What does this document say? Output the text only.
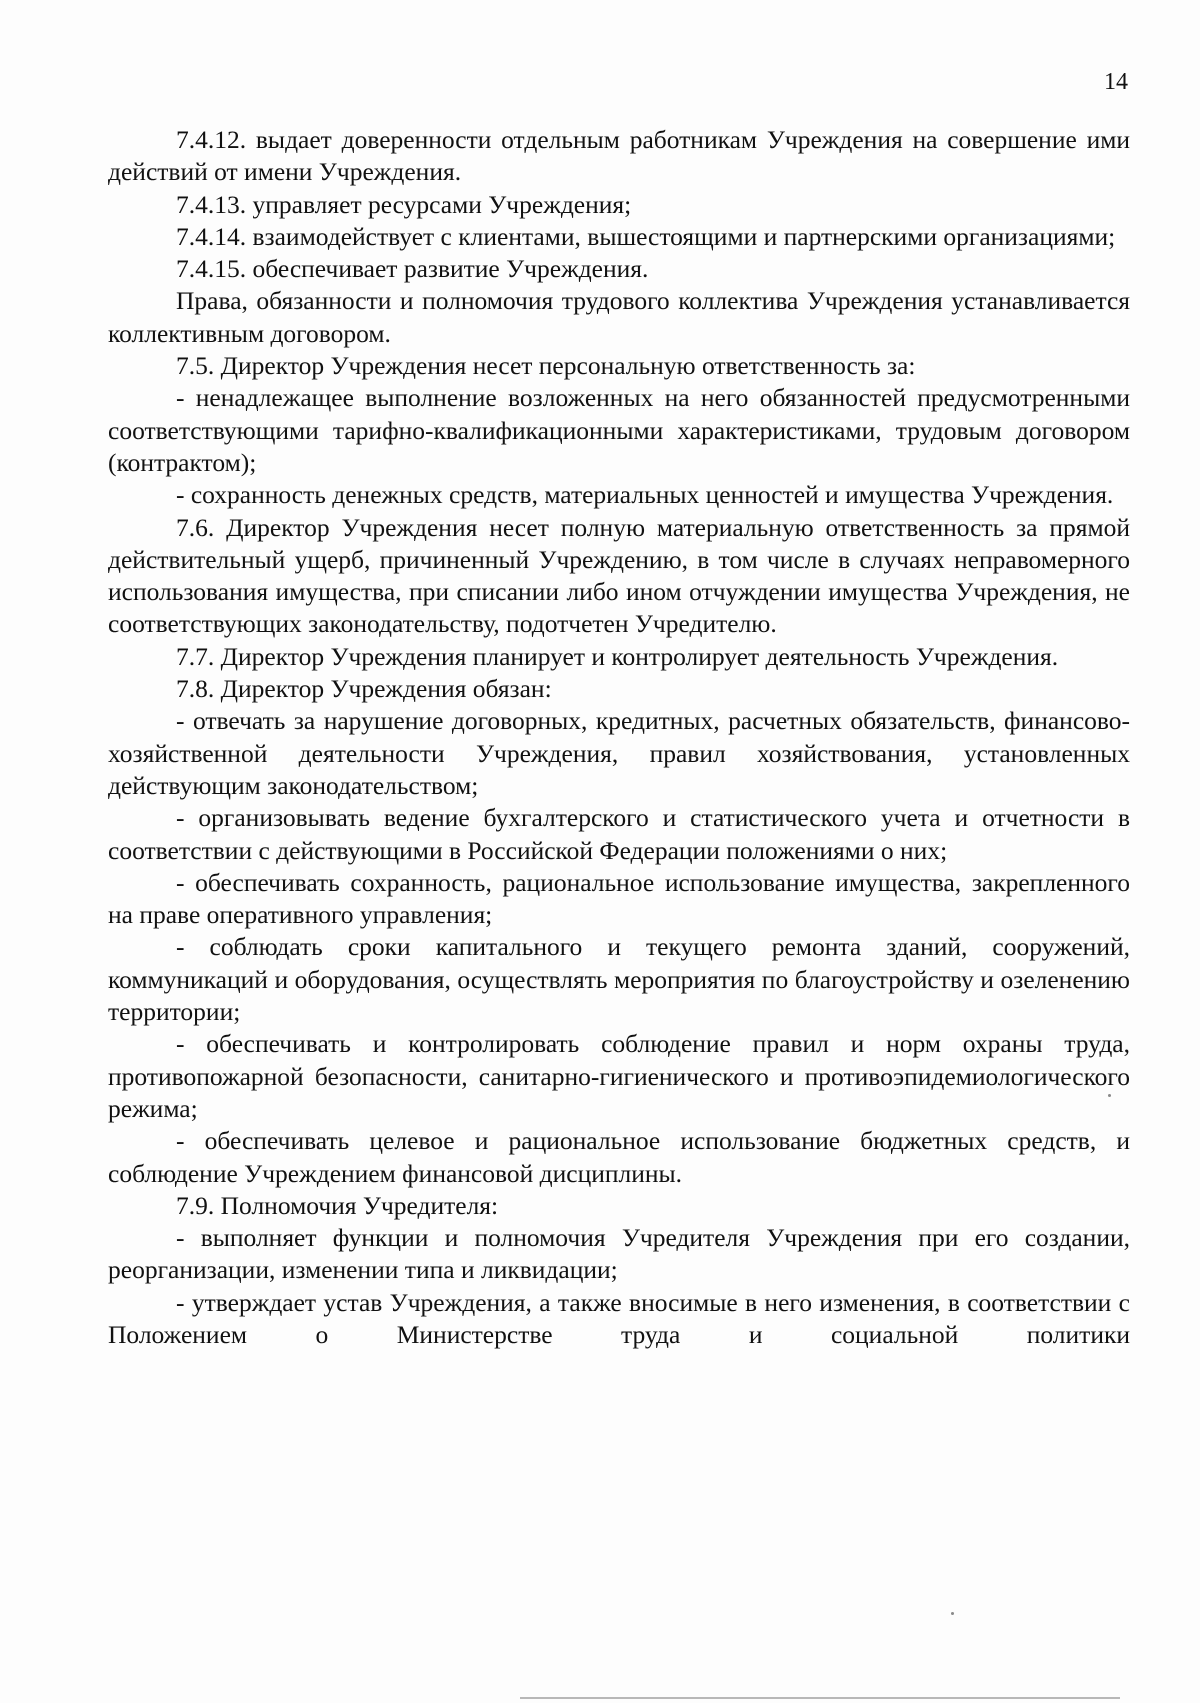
14

7.4.12. выдает доверенности отдельным работникам Учреждения на совершение ими действий от имени Учреждения.

7.4.13. управляет ресурсами Учреждения;

7.4.14. взаимодействует с клиентами, вышестоящими и партнерскими организациями;

7.4.15. обеспечивает развитие Учреждения.

Права, обязанности и полномочия трудового коллектива Учреждения устанавливается коллективным договором.

7.5. Директор Учреждения несет персональную ответственность за:

- ненадлежащее выполнение возложенных на него обязанностей предусмотренными соответствующими тарифно-квалификационными характеристиками, трудовым договором (контрактом);

- сохранность денежных средств, материальных ценностей и имущества Учреждения.

7.6. Директор Учреждения несет полную материальную ответственность за прямой действительный ущерб, причиненный Учреждению, в том числе в случаях неправомерного использования имущества, при списании либо ином отчуждении имущества Учреждения, не соответствующих законодательству, подотчетен Учредителю.

7.7. Директор Учреждения планирует и контролирует деятельность Учреждения.

7.8. Директор Учреждения обязан:

- отвечать за нарушение договорных, кредитных, расчетных обязательств, финансово-хозяйственной деятельности Учреждения, правил хозяйствования, установленных действующим законодательством;

- организовывать ведение бухгалтерского и статистического учета и отчетности в соответствии с действующими в Российской Федерации положениями о них;

- обеспечивать сохранность, рациональное использование имущества, закрепленного на праве оперативного управления;

- соблюдать сроки капитального и текущего ремонта зданий, сооружений, коммуникаций и оборудования, осуществлять мероприятия по благоустройству и озеленению территории;

- обеспечивать и контролировать соблюдение правил и норм охраны труда, противопожарной безопасности, санитарно-гигиенического и противоэпидемиологического режима;

- обеспечивать целевое и рациональное использование бюджетных средств, и соблюдение Учреждением финансовой дисциплины.

7.9. Полномочия Учредителя:

- выполняет функции и полномочия Учредителя Учреждения при его создании, реорганизации, изменении типа и ликвидации;

- утверждает устав Учреждения, а также вносимые в него изменения, в соответствии с Положением о Министерстве труда и социальной политики
